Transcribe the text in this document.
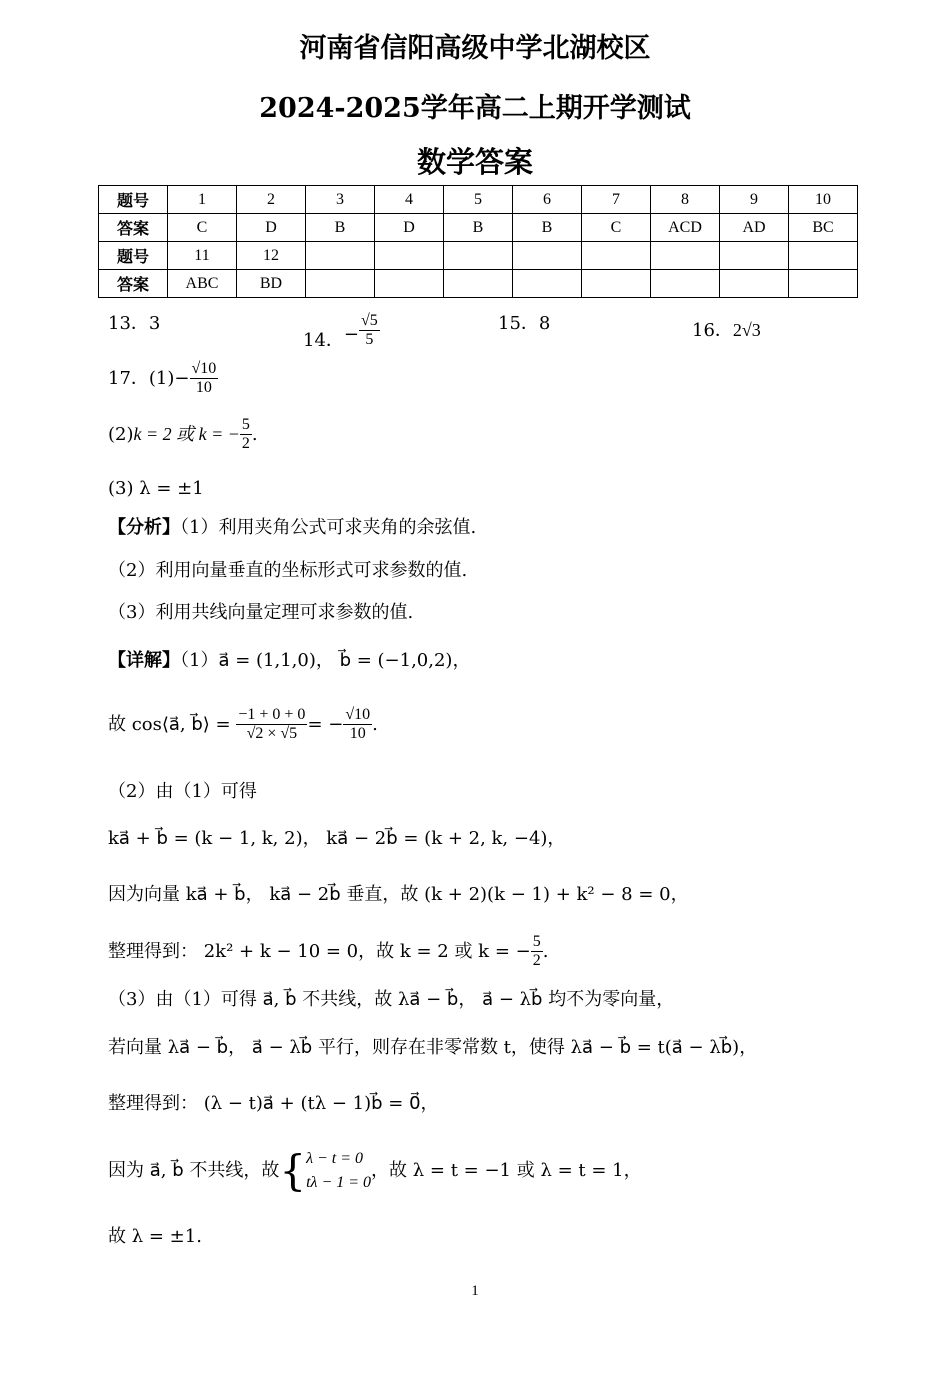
河南省信阳高级中学北湖校区
2024-2025学年高二上期开学测试
数学答案
题号	1	2	3	4	5	6	7	8	9	10
答案	C	D	B	D	B	B	C	ACD	AD	BC
题号	11	12								
答案	ABC	BD								
13．3
14．− $\frac{√5}{5}$	15．8	16．2√3
17．$(1)- \frac{√10}{10}$
(2)k = 2 或 k = − $\frac{5}{2}$ .
(3) λ = ±1
【分析】（1）利用夹角公式可求夹角的余弦值.
（2）利用向量垂直的坐标形式可求参数的值.
（3）利用共线向量定理可求参数的值.
【详解】（1）a⃗ = (1,1,0)， b⃗ = (−1,0,2)，
故 cos⟨a⃗, b⃗⟩ = $\frac{-1 + 0 + 0}{√2 \times √5}$ = − $\frac{√10}{10}$ .
（2）由（1）可得
ka⃗ + b⃗ = (k − 1, k, 2)， ka⃗ − 2b⃗ = (k + 2, k, −4)，
因为向量 ka⃗ + b⃗， ka⃗ − 2b⃗ 垂直，故 (k + 2)(k − 1) + k² − 8 = 0，
整理得到： 2k² + k − 10 = 0，故 k = 2 或 k = − $\frac{5}{2}$ .
（3）由（1）可得 a⃗, b⃗ 不共线，故 λa⃗ − b⃗， a⃗ − λb⃗ 均不为零向量，
若向量 λa⃗ − b⃗， a⃗ − λb⃗ 平行，则存在非零常数 t，使得 λa⃗ − b⃗ = t(a⃗ − λb⃗)，
整理得到： (λ − t)a⃗ + (tλ − 1)b⃗ = 0⃗，
因为 a⃗, b⃗ 不共线，故{ λ − t = 0
tλ − 1 = 0
，故 λ = t = −1 或 λ = t = 1，
故 λ = ±1.
1
